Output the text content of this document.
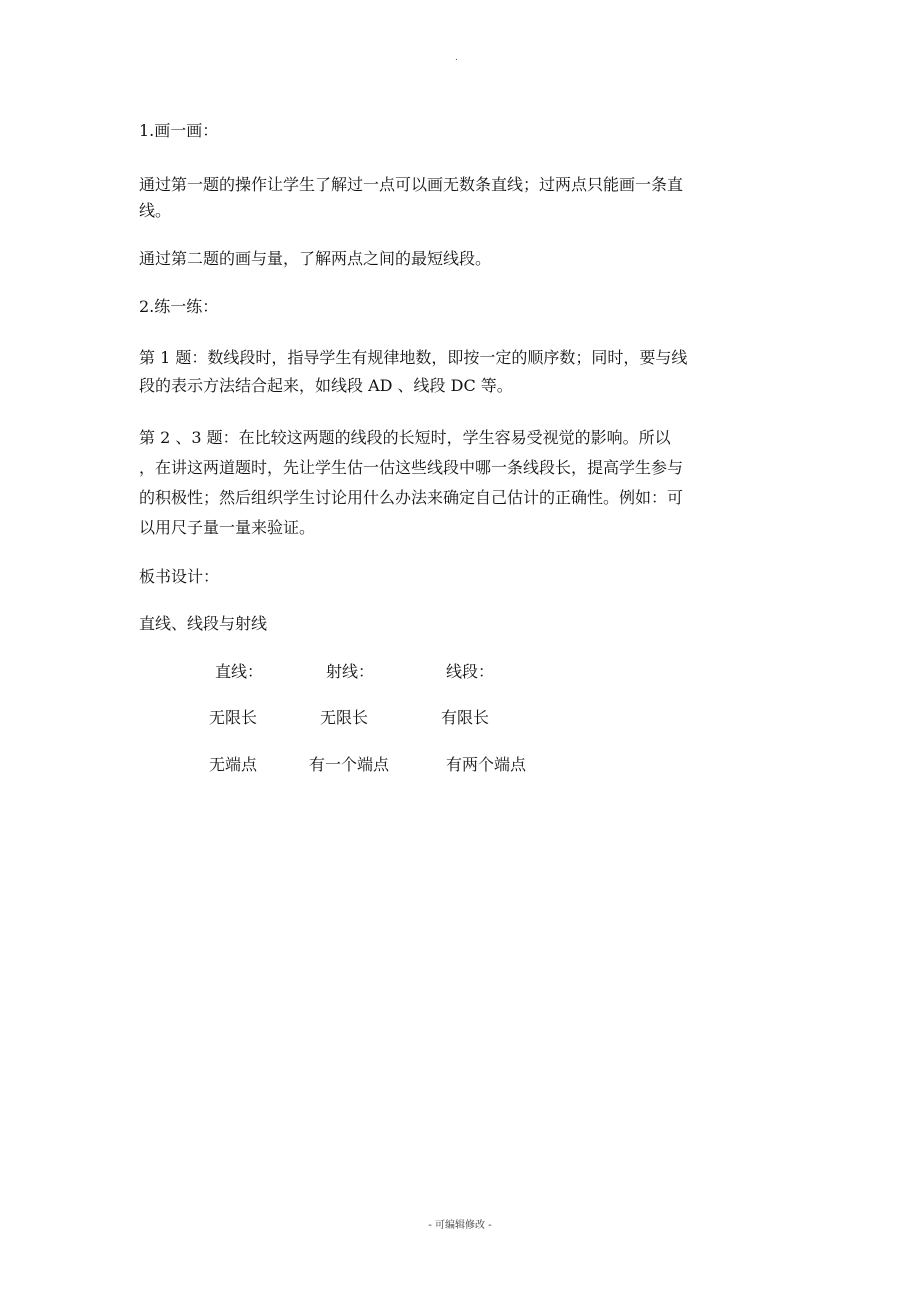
.
1.画一画：
通过第一题的操作让学生了解过一点可以画无数条直线；过两点只能画一条直
线。
通过第二题的画与量，了解两点之间的最短线段。
2.练一练：
第 1 题：数线段时，指导学生有规律地数，即按一定的顺序数；同时，要与线
段的表示方法结合起来，如线段 AD 、线段 DC 等。
第 2 、3 题：在比较这两题的线段的长短时，学生容易受视觉的影响。所以
，在讲这两道题时，先让学生估一估这些线段中哪一条线段长，提高学生参与
的积极性；然后组织学生讨论用什么办法来确定自己估计的正确性。例如：可
以用尺子量一量来验证。
板书设计：
直线、线段与射线
直线：	射线：	线段：
无限长	无限长	有限长
无端点	有一个端点	有两个端点
- 可编辑修改 -
